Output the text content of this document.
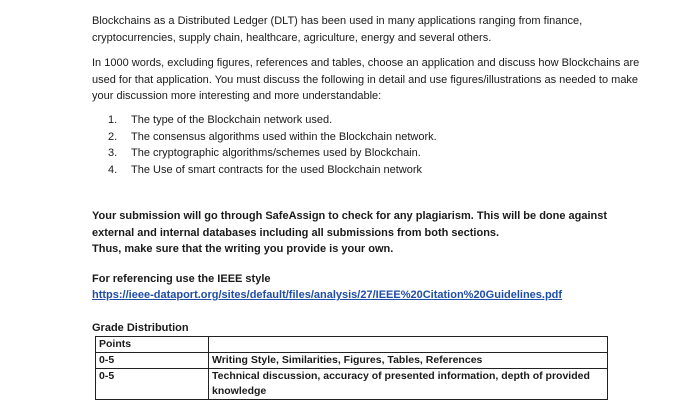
Blockchains as a Distributed Ledger (DLT) has been used in many applications ranging from finance, cryptocurrencies, supply chain, healthcare, agriculture, energy and several others.

In 1000 words, excluding figures, references and tables, choose an application and discuss how Blockchains are used for that application. You must discuss the following in detail and use figures/illustrations as needed to make your discussion more interesting and more understandable:

1. The type of the Blockchain network used.
2. The consensus algorithms used within the Blockchain network.
3. The cryptographic algorithms/schemes used by Blockchain.
4. The Use of smart contracts for the used Blockchain network
Your submission will go through SafeAssign to check for any plagiarism. This will be done against external and internal databases including all submissions from both sections.
Thus, make sure that the writing you provide is your own.
For referencing use the IEEE style
https://ieee-dataport.org/sites/default/files/analysis/27/IEEE%20Citation%20Guidelines.pdf
Grade Distribution
Points	
0-5	Writing Style, Similarities, Figures, Tables, References
0-5	Technical discussion, accuracy of presented information, depth of provided knowledge
